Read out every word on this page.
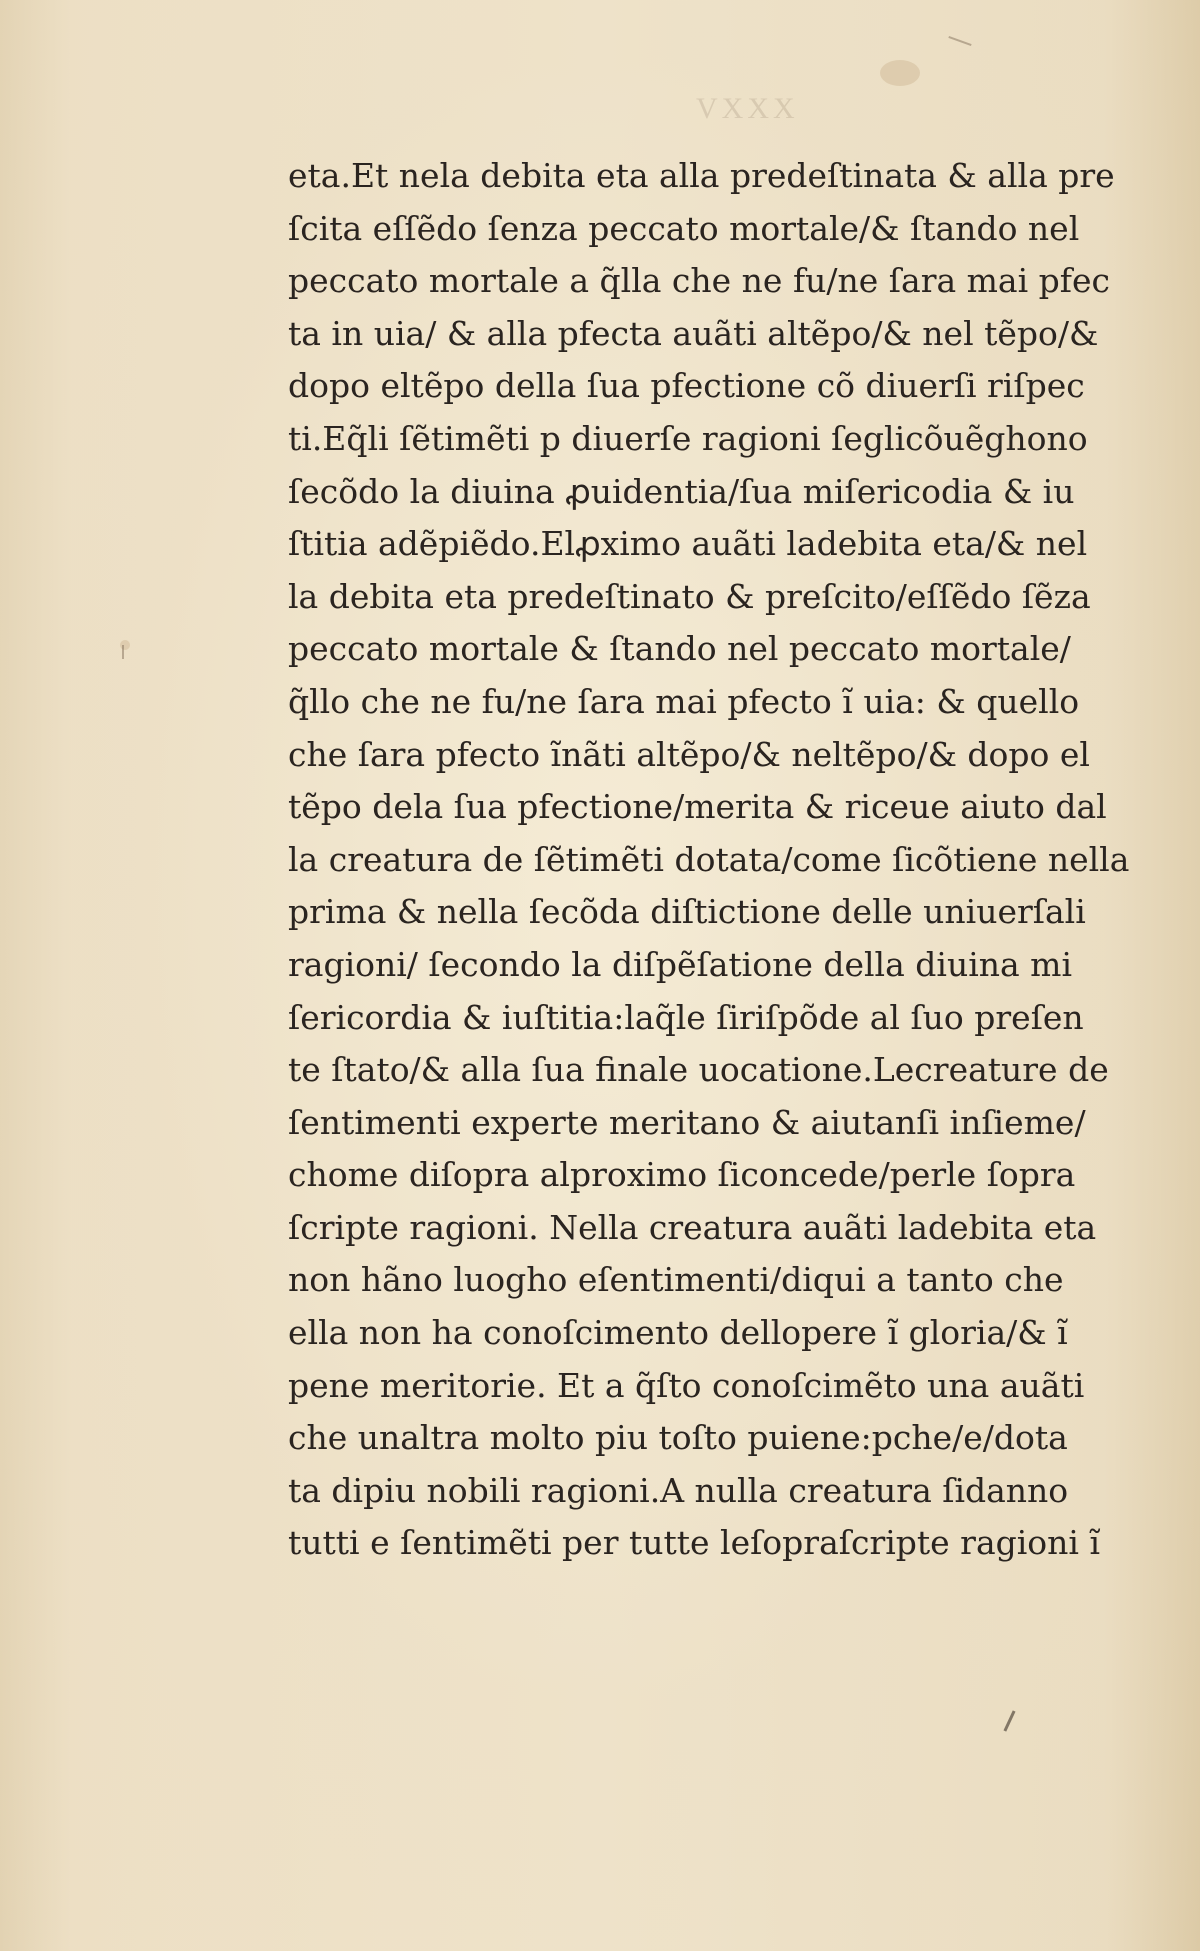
VXXX
eta.Et nela debita eta alla predeſtinata & alla pre
ſcita eſſẽdo ſenza peccato mortale/& ſtando nel
peccato mortale a q̃lla che ne fu/ne ſara mai pfec
ta in uia/ & alla pfecta auãti altẽpo/& nel tẽpo/&
dopo eltẽpo della ſua pfectione cõ diuerſi riſpec
ti.Eq̃li ſẽtimẽti p diuerſe ragioni ſeglicõuẽghono
ſecõdo la diuina ꝓuidentia/ſua miſericodia & iu
ſtitia adẽpiẽdo.Elꝓximo auãti ladebita eta/& nel
la debita eta predeſtinato & preſcito/eſſẽdo ſẽza
peccato mortale & ſtando nel peccato mortale/
q̃llo che ne fu/ne ſara mai pfecto ĩ uia: & quello
che ſara pfecto ĩnãti altẽpo/& neltẽpo/& dopo el
tẽpo dela ſua pfectione/merita & riceue aiuto dal
la creatura de ſẽtimẽti dotata/come ſicõtiene nella
prima & nella ſecõda diſtictione delle uniuerſali
ragioni/ ſecondo la diſpẽſatione della diuina mi
ſericordia & iuſtitia:laq̃le ſiriſpõde al ſuo preſen
te ſtato/& alla ſua finale uocatione.Lecreature de
ſentimenti experte meritano & aiutanſi inſieme/
chome diſopra alproximo ſiconcede/perle ſopra
ſcripte ragioni. Nella creatura auãti ladebita eta
non hãno luogho eſentimenti/diqui a tanto che
ella non ha conoſcimento dellopere ĩ gloria/& ĩ
pene meritorie. Et a q̃ſto conoſcimẽto una auãti
che unaltra molto piu toſto puiene:pche/e/dota
ta dipiu nobili ragioni.A nulla creatura ſidanno
tutti e ſentimẽti per tutte leſopraſcripte ragioni ĩ
